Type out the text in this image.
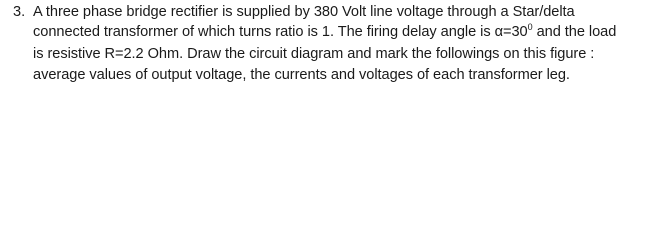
3. A three phase bridge rectifier is supplied by 380 Volt line voltage through a Star/delta
connected transformer of which turns ratio is 1. The firing delay angle is $\alpha=30^0$ and the load
is resistive R=2.2 Ohm. Draw the circuit diagram and mark the followings on this figure :
average values of output voltage, the currents and voltages of each transformer leg.
